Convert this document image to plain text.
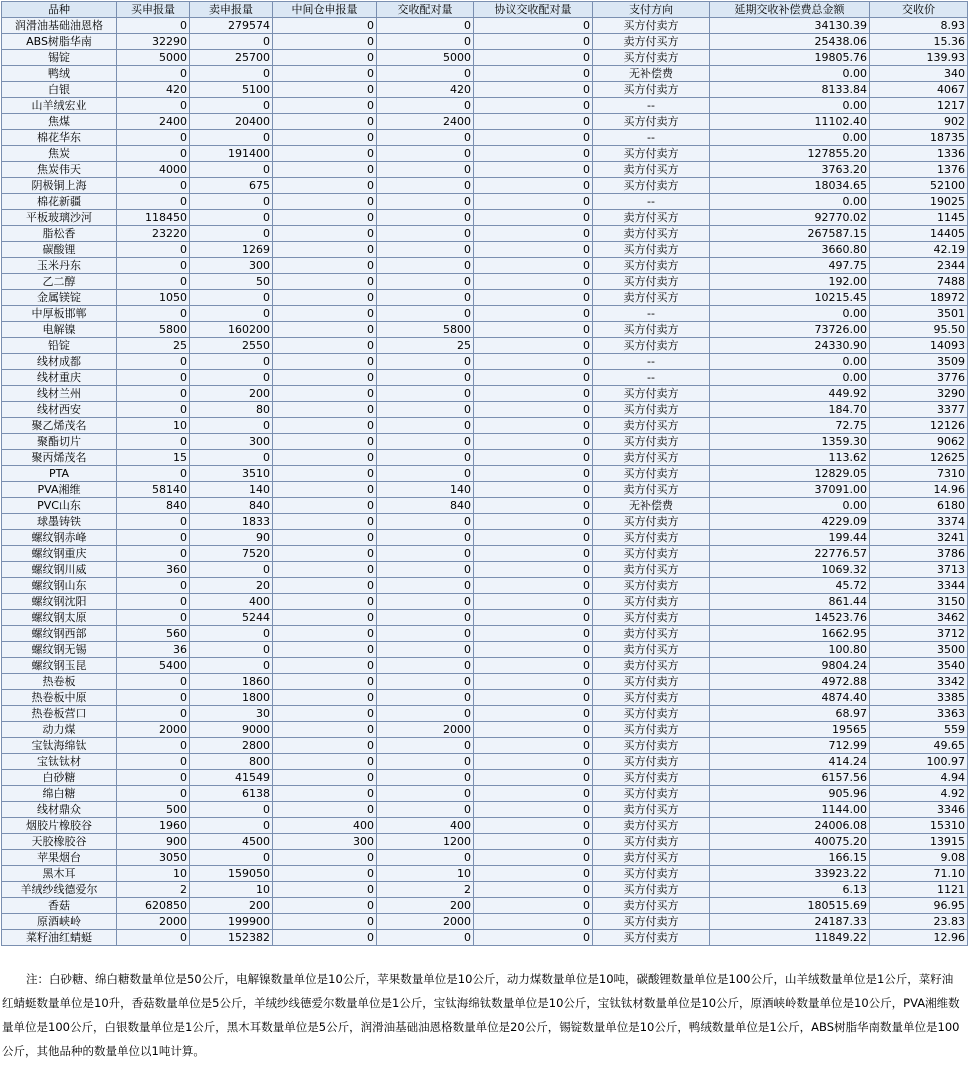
品种	买申报量	卖申报量	中间仓申报量	交收配对量	协议交收配对量	支付方向	延期交收补偿费总金额	交收价
润滑油基础油恩格	0	279574	0	0	0	买方付卖方	34130.39	8.93
ABS树脂华南	32290	0	0	0	0	卖方付买方	25438.06	15.36
锡锭	5000	25700	0	5000	0	买方付卖方	19805.76	139.93
鸭绒	0	0	0	0	0	无补偿费	0.00	340
白银	420	5100	0	420	0	买方付卖方	8133.84	4067
山羊绒宏业	0	0	0	0	0	--	0.00	1217
焦煤	2400	20400	0	2400	0	买方付卖方	11102.40	902
棉花华东	0	0	0	0	0	--	0.00	18735
焦炭	0	191400	0	0	0	买方付卖方	127855.20	1336
焦炭伟天	4000	0	0	0	0	卖方付买方	3763.20	1376
阴极铜上海	0	675	0	0	0	买方付卖方	18034.65	52100
棉花新疆	0	0	0	0	0	--	0.00	19025
平板玻璃沙河	118450	0	0	0	0	卖方付买方	92770.02	1145
脂松香	23220	0	0	0	0	卖方付买方	267587.15	14405
碳酸锂	0	1269	0	0	0	买方付卖方	3660.80	42.19
玉米丹东	0	300	0	0	0	买方付卖方	497.75	2344
乙二醇	0	50	0	0	0	买方付卖方	192.00	7488
金属镁锭	1050	0	0	0	0	卖方付买方	10215.45	18972
中厚板邯郸	0	0	0	0	0	--	0.00	3501
电解镍	5800	160200	0	5800	0	买方付卖方	73726.00	95.50
铅锭	25	2550	0	25	0	买方付卖方	24330.90	14093
线材成都	0	0	0	0	0	--	0.00	3509
线材重庆	0	0	0	0	0	--	0.00	3776
线材兰州	0	200	0	0	0	买方付卖方	449.92	3290
线材西安	0	80	0	0	0	买方付卖方	184.70	3377
聚乙烯茂名	10	0	0	0	0	卖方付买方	72.75	12126
聚酯切片	0	300	0	0	0	买方付卖方	1359.30	9062
聚丙烯茂名	15	0	0	0	0	卖方付买方	113.62	12625
PTA	0	3510	0	0	0	买方付卖方	12829.05	7310
PVA湘维	58140	140	0	140	0	卖方付买方	37091.00	14.96
PVC山东	840	840	0	840	0	无补偿费	0.00	6180
球墨铸铁	0	1833	0	0	0	买方付卖方	4229.09	3374
螺纹钢赤峰	0	90	0	0	0	买方付卖方	199.44	3241
螺纹钢重庆	0	7520	0	0	0	买方付卖方	22776.57	3786
螺纹钢川威	360	0	0	0	0	卖方付买方	1069.32	3713
螺纹钢山东	0	20	0	0	0	买方付卖方	45.72	3344
螺纹钢沈阳	0	400	0	0	0	买方付卖方	861.44	3150
螺纹钢太原	0	5244	0	0	0	买方付卖方	14523.76	3462
螺纹钢西部	560	0	0	0	0	卖方付买方	1662.95	3712
螺纹钢无锡	36	0	0	0	0	卖方付买方	100.80	3500
螺纹钢玉昆	5400	0	0	0	0	卖方付买方	9804.24	3540
热卷板	0	1860	0	0	0	买方付卖方	4972.88	3342
热卷板中原	0	1800	0	0	0	买方付卖方	4874.40	3385
热卷板营口	0	30	0	0	0	买方付卖方	68.97	3363
动力煤	2000	9000	0	2000	0	买方付卖方	19565	559
宝钛海绵钛	0	2800	0	0	0	买方付卖方	712.99	49.65
宝钛钛材	0	800	0	0	0	买方付卖方	414.24	100.97
白砂糖	0	41549	0	0	0	买方付卖方	6157.56	4.94
绵白糖	0	6138	0	0	0	买方付卖方	905.96	4.92
线材鼎众	500	0	0	0	0	卖方付买方	1144.00	3346
烟胶片橡胶谷	1960	0	400	400	0	卖方付买方	24006.08	15310
天胶橡胶谷	900	4500	300	1200	0	买方付卖方	40075.20	13915
苹果烟台	3050	0	0	0	0	卖方付买方	166.15	9.08
黑木耳	10	159050	0	10	0	买方付卖方	33923.22	71.10
羊绒纱线德爱尔	2	10	0	2	0	买方付卖方	6.13	1121
香菇	620850	200	0	200	0	卖方付买方	180515.69	96.95
原酒峡岭	2000	199900	0	2000	0	买方付卖方	24187.33	23.83
菜籽油红蜻蜓	0	152382	0	0	0	买方付卖方	11849.22	12.96

注：白砂糖、绵白糖数量单位是50公斤，电解镍数量单位是10公斤，苹果数量单位是10公斤，动力煤数量单位是10吨，碳酸锂数量单位是100公斤，山羊绒数量单位是1公斤，菜籽油红蜻蜓数量单位是10升，香菇数量单位是5公斤，羊绒纱线德爱尔数量单位是1公斤，宝钛海绵钛数量单位是10公斤，宝钛钛材数量单位是10公斤，原酒峡岭数量单位是10公斤，PVA湘维数量单位是100公斤，白银数量单位是1公斤，黑木耳数量单位是5公斤，润滑油基础油恩格数量单位是20公斤，锡锭数量单位是10公斤，鸭绒数量单位是1公斤，ABS树脂华南数量单位是100公斤，其他品种的数量单位以1吨计算。
